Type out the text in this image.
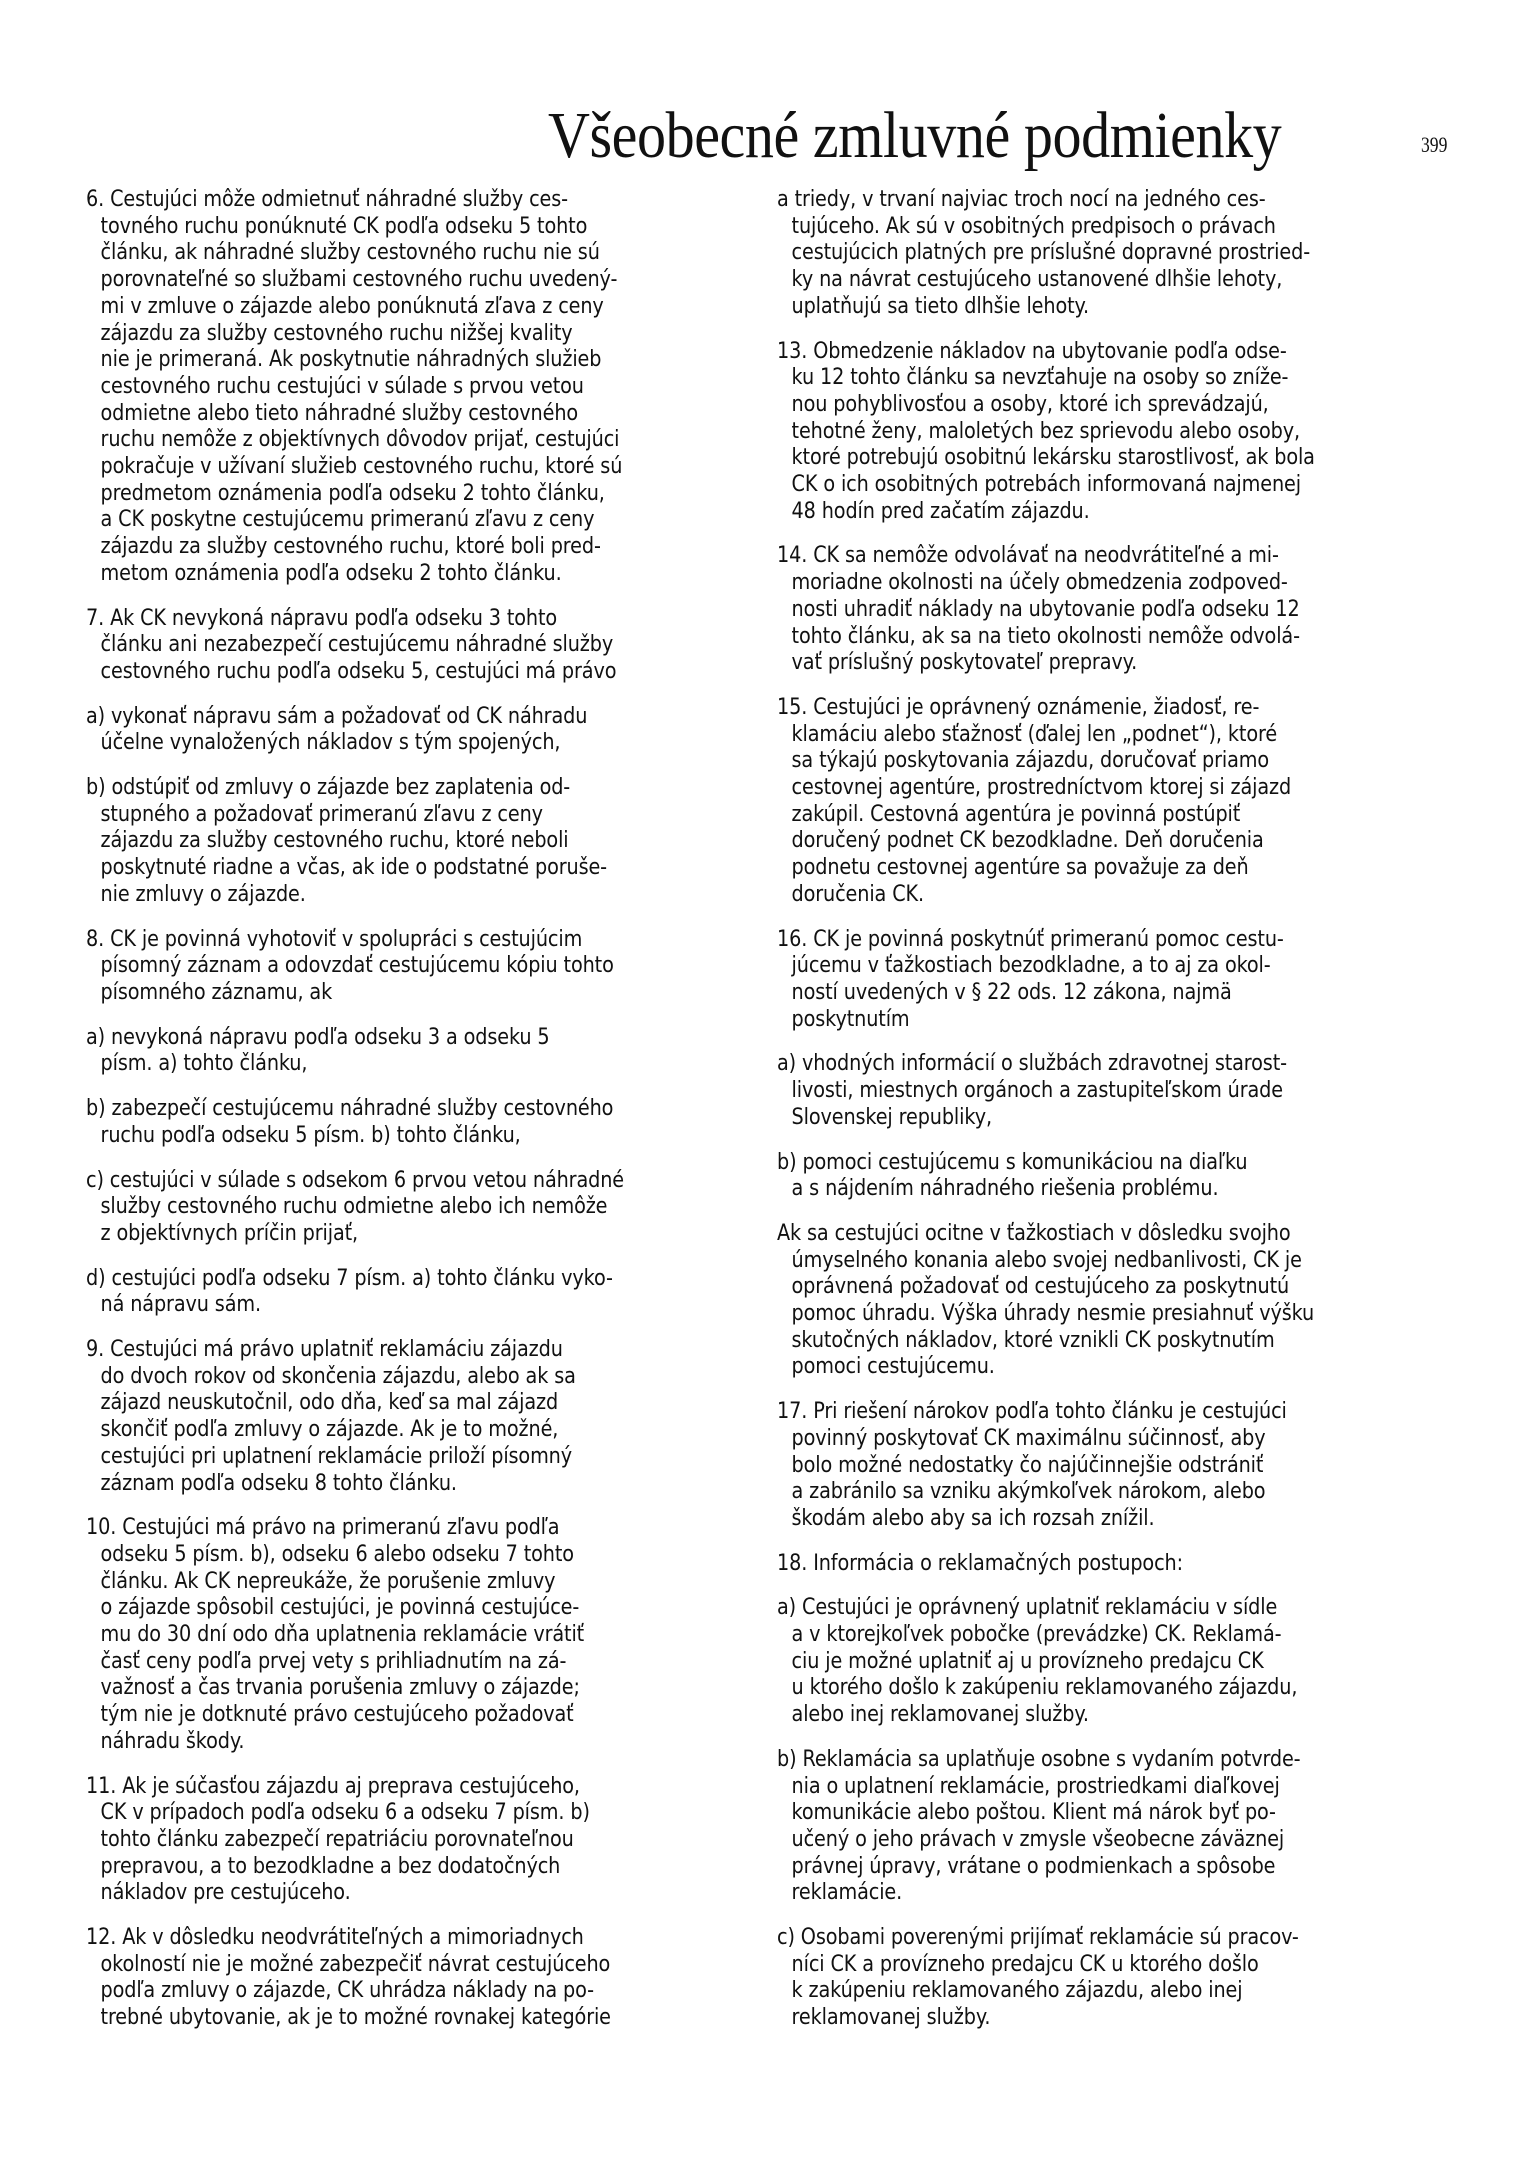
Všeobecné zmluvné podmienky	399
6. Cestujúci môže odmietnuť náhradné služby ces-
tovného ruchu ponúknuté CK podľa odseku 5 tohto
článku, ak náhradné služby cestovného ruchu nie sú
porovnateľné so službami cestovného ruchu uvedený-
mi v zmluve o zájazde alebo ponúknutá zľava z ceny
zájazdu za služby cestovného ruchu nižšej kvality
nie je primeraná. Ak poskytnutie náhradných služieb
cestovného ruchu cestujúci v súlade s prvou vetou
odmietne alebo tieto náhradné služby cestovného
ruchu nemôže z objektívnych dôvodov prijať, cestujúci
pokračuje v užívaní služieb cestovného ruchu, ktoré sú
predmetom oznámenia podľa odseku 2 tohto článku,
a CK poskytne cestujúcemu primeranú zľavu z ceny
zájazdu za služby cestovného ruchu, ktoré boli pred-
metom oznámenia podľa odseku 2 tohto článku.
7. Ak CK nevykoná nápravu podľa odseku 3 tohto
článku ani nezabezpečí cestujúcemu náhradné služby
cestovného ruchu podľa odseku 5, cestujúci má právo
a) vykonať nápravu sám a požadovať od CK náhradu
účelne vynaložených nákladov s tým spojených,
b) odstúpiť od zmluvy o zájazde bez zaplatenia od-
stupného a požadovať primeranú zľavu z ceny
zájazdu za služby cestovného ruchu, ktoré neboli
poskytnuté riadne a včas, ak ide o podstatné poruše-
nie zmluvy o zájazde.
8. CK je povinná vyhotoviť v spolupráci s cestujúcim
písomný záznam a odovzdať cestujúcemu kópiu tohto
písomného záznamu, ak
a) nevykoná nápravu podľa odseku 3 a odseku 5
písm. a) tohto článku,
b) zabezpečí cestujúcemu náhradné služby cestovného
ruchu podľa odseku 5 písm. b) tohto článku,
c) cestujúci v súlade s odsekom 6 prvou vetou náhradné
služby cestovného ruchu odmietne alebo ich nemôže
z objektívnych príčin prijať,
d) cestujúci podľa odseku 7 písm. a) tohto článku vyko-
ná nápravu sám.
9. Cestujúci má právo uplatniť reklamáciu zájazdu
do dvoch rokov od skončenia zájazdu, alebo ak sa
zájazd neuskutočnil, odo dňa, keď sa mal zájazd
skončiť podľa zmluvy o zájazde. Ak je to možné,
cestujúci pri uplatnení reklamácie priloží písomný
záznam podľa odseku 8 tohto článku.
10. Cestujúci má právo na primeranú zľavu podľa
odseku 5 písm. b), odseku 6 alebo odseku 7 tohto
článku. Ak CK nepreukáže, že porušenie zmluvy
o zájazde spôsobil cestujúci, je povinná cestujúce-
mu do 30 dní odo dňa uplatnenia reklamácie vrátiť
časť ceny podľa prvej vety s prihliadnutím na zá-
važnosť a čas trvania porušenia zmluvy o zájazde;
tým nie je dotknuté právo cestujúceho požadovať
náhradu škody.
11. Ak je súčasťou zájazdu aj preprava cestujúceho,
CK v prípadoch podľa odseku 6 a odseku 7 písm. b)
tohto článku zabezpečí repatriáciu porovnateľnou
prepravou, a to bezodkladne a bez dodatočných
nákladov pre cestujúceho.
12. Ak v dôsledku neodvrátiteľných a mimoriadnych
okolností nie je možné zabezpečiť návrat cestujúceho
podľa zmluvy o zájazde, CK uhrádza náklady na po-
trebné ubytovanie, ak je to možné rovnakej kategórie
a triedy, v trvaní najviac troch nocí na jedného ces-
tujúceho. Ak sú v osobitných predpisoch o právach
cestujúcich platných pre príslušné dopravné prostried-
ky na návrat cestujúceho ustanovené dlhšie lehoty,
uplatňujú sa tieto dlhšie lehoty.
13. Obmedzenie nákladov na ubytovanie podľa odse-
ku 12 tohto článku sa nevzťahuje na osoby so zníže-
nou pohyblivosťou a osoby, ktoré ich sprevádzajú,
tehotné ženy, maloletých bez sprievodu alebo osoby,
ktoré potrebujú osobitnú lekársku starostlivosť, ak bola
CK o ich osobitných potrebách informovaná najmenej
48 hodín pred začatím zájazdu.
14. CK sa nemôže odvolávať na neodvrátiteľné a mi-
moriadne okolnosti na účely obmedzenia zodpoved-
nosti uhradiť náklady na ubytovanie podľa odseku 12
tohto článku, ak sa na tieto okolnosti nemôže odvolá-
vať príslušný poskytovateľ prepravy.
15. Cestujúci je oprávnený oznámenie, žiadosť, re-
klamáciu alebo sťažnosť (ďalej len „podnet“), ktoré
sa týkajú poskytovania zájazdu, doručovať priamo
cestovnej agentúre, prostredníctvom ktorej si zájazd
zakúpil. Cestovná agentúra je povinná postúpiť
doručený podnet CK bezodkladne. Deň doručenia
podnetu cestovnej agentúre sa považuje za deň
doručenia CK.
16. CK je povinná poskytnúť primeranú pomoc cestu-
júcemu v ťažkostiach bezodkladne, a to aj za okol-
ností uvedených v § 22 ods. 12 zákona, najmä
poskytnutím
a) vhodných informácií o službách zdravotnej starost-
livosti, miestnych orgánoch a zastupiteľskom úrade
Slovenskej republiky,
b) pomoci cestujúcemu s komunikáciou na diaľku
a s nájdením náhradného riešenia problému.
Ak sa cestujúci ocitne v ťažkostiach v dôsledku svojho
úmyselného konania alebo svojej nedbanlivosti, CK je
oprávnená požadovať od cestujúceho za poskytnutú
pomoc úhradu. Výška úhrady nesmie presiahnuť výšku
skutočných nákladov, ktoré vznikli CK poskytnutím
pomoci cestujúcemu.
17. Pri riešení nárokov podľa tohto článku je cestujúci
povinný poskytovať CK maximálnu súčinnosť, aby
bolo možné nedostatky čo najúčinnejšie odstrániť
a zabránilo sa vzniku akýmkoľvek nárokom, alebo
škodám alebo aby sa ich rozsah znížil.
18. Informácia o reklamačných postupoch:
a) Cestujúci je oprávnený uplatniť reklamáciu v sídle
a v ktorejkoľvek pobočke (prevádzke) CK. Reklamá-
ciu je možné uplatniť aj u provízneho predajcu CK
u ktorého došlo k zakúpeniu reklamovaného zájazdu,
alebo inej reklamovanej služby.
b) Reklamácia sa uplatňuje osobne s vydaním potvrde-
nia o uplatnení reklamácie, prostriedkami diaľkovej
komunikácie alebo poštou. Klient má nárok byť po-
učený o jeho právach v zmysle všeobecne záväznej
právnej úpravy, vrátane o podmienkach a spôsobe
reklamácie.
c) Osobami poverenými prijímať reklamácie sú pracov-
níci CK a provízneho predajcu CK u ktorého došlo
k zakúpeniu reklamovaného zájazdu, alebo inej
reklamovanej služby.
